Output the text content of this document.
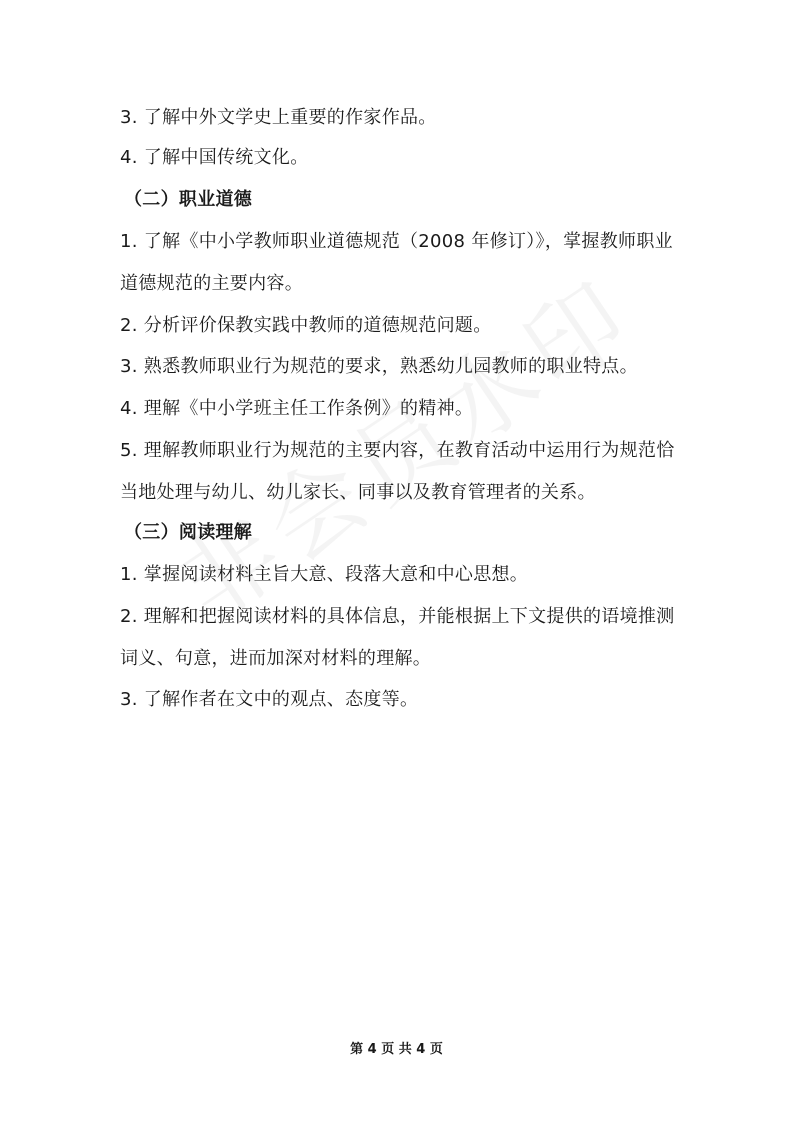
3. 了解中外文学史上重要的作家作品。
4. 了解中国传统文化。
（二）职业道德
1. 了解《中小学教师职业道德规范（2008 年修订）》，掌握教师职业
道德规范的主要内容。
2. 分析评价保教实践中教师的道德规范问题。
3. 熟悉教师职业行为规范的要求，熟悉幼儿园教师的职业特点。
4. 理解《中小学班主任工作条例》的精神。
5. 理解教师职业行为规范的主要内容，在教育活动中运用行为规范恰
当地处理与幼儿、幼儿家长、同事以及教育管理者的关系。
（三）阅读理解
1. 掌握阅读材料主旨大意、段落大意和中心思想。
2. 理解和把握阅读材料的具体信息，并能根据上下文提供的语境推测
词义、句意，进而加深对材料的理解。
3. 了解作者在文中的观点、态度等。
第 4 页 共 4 页
